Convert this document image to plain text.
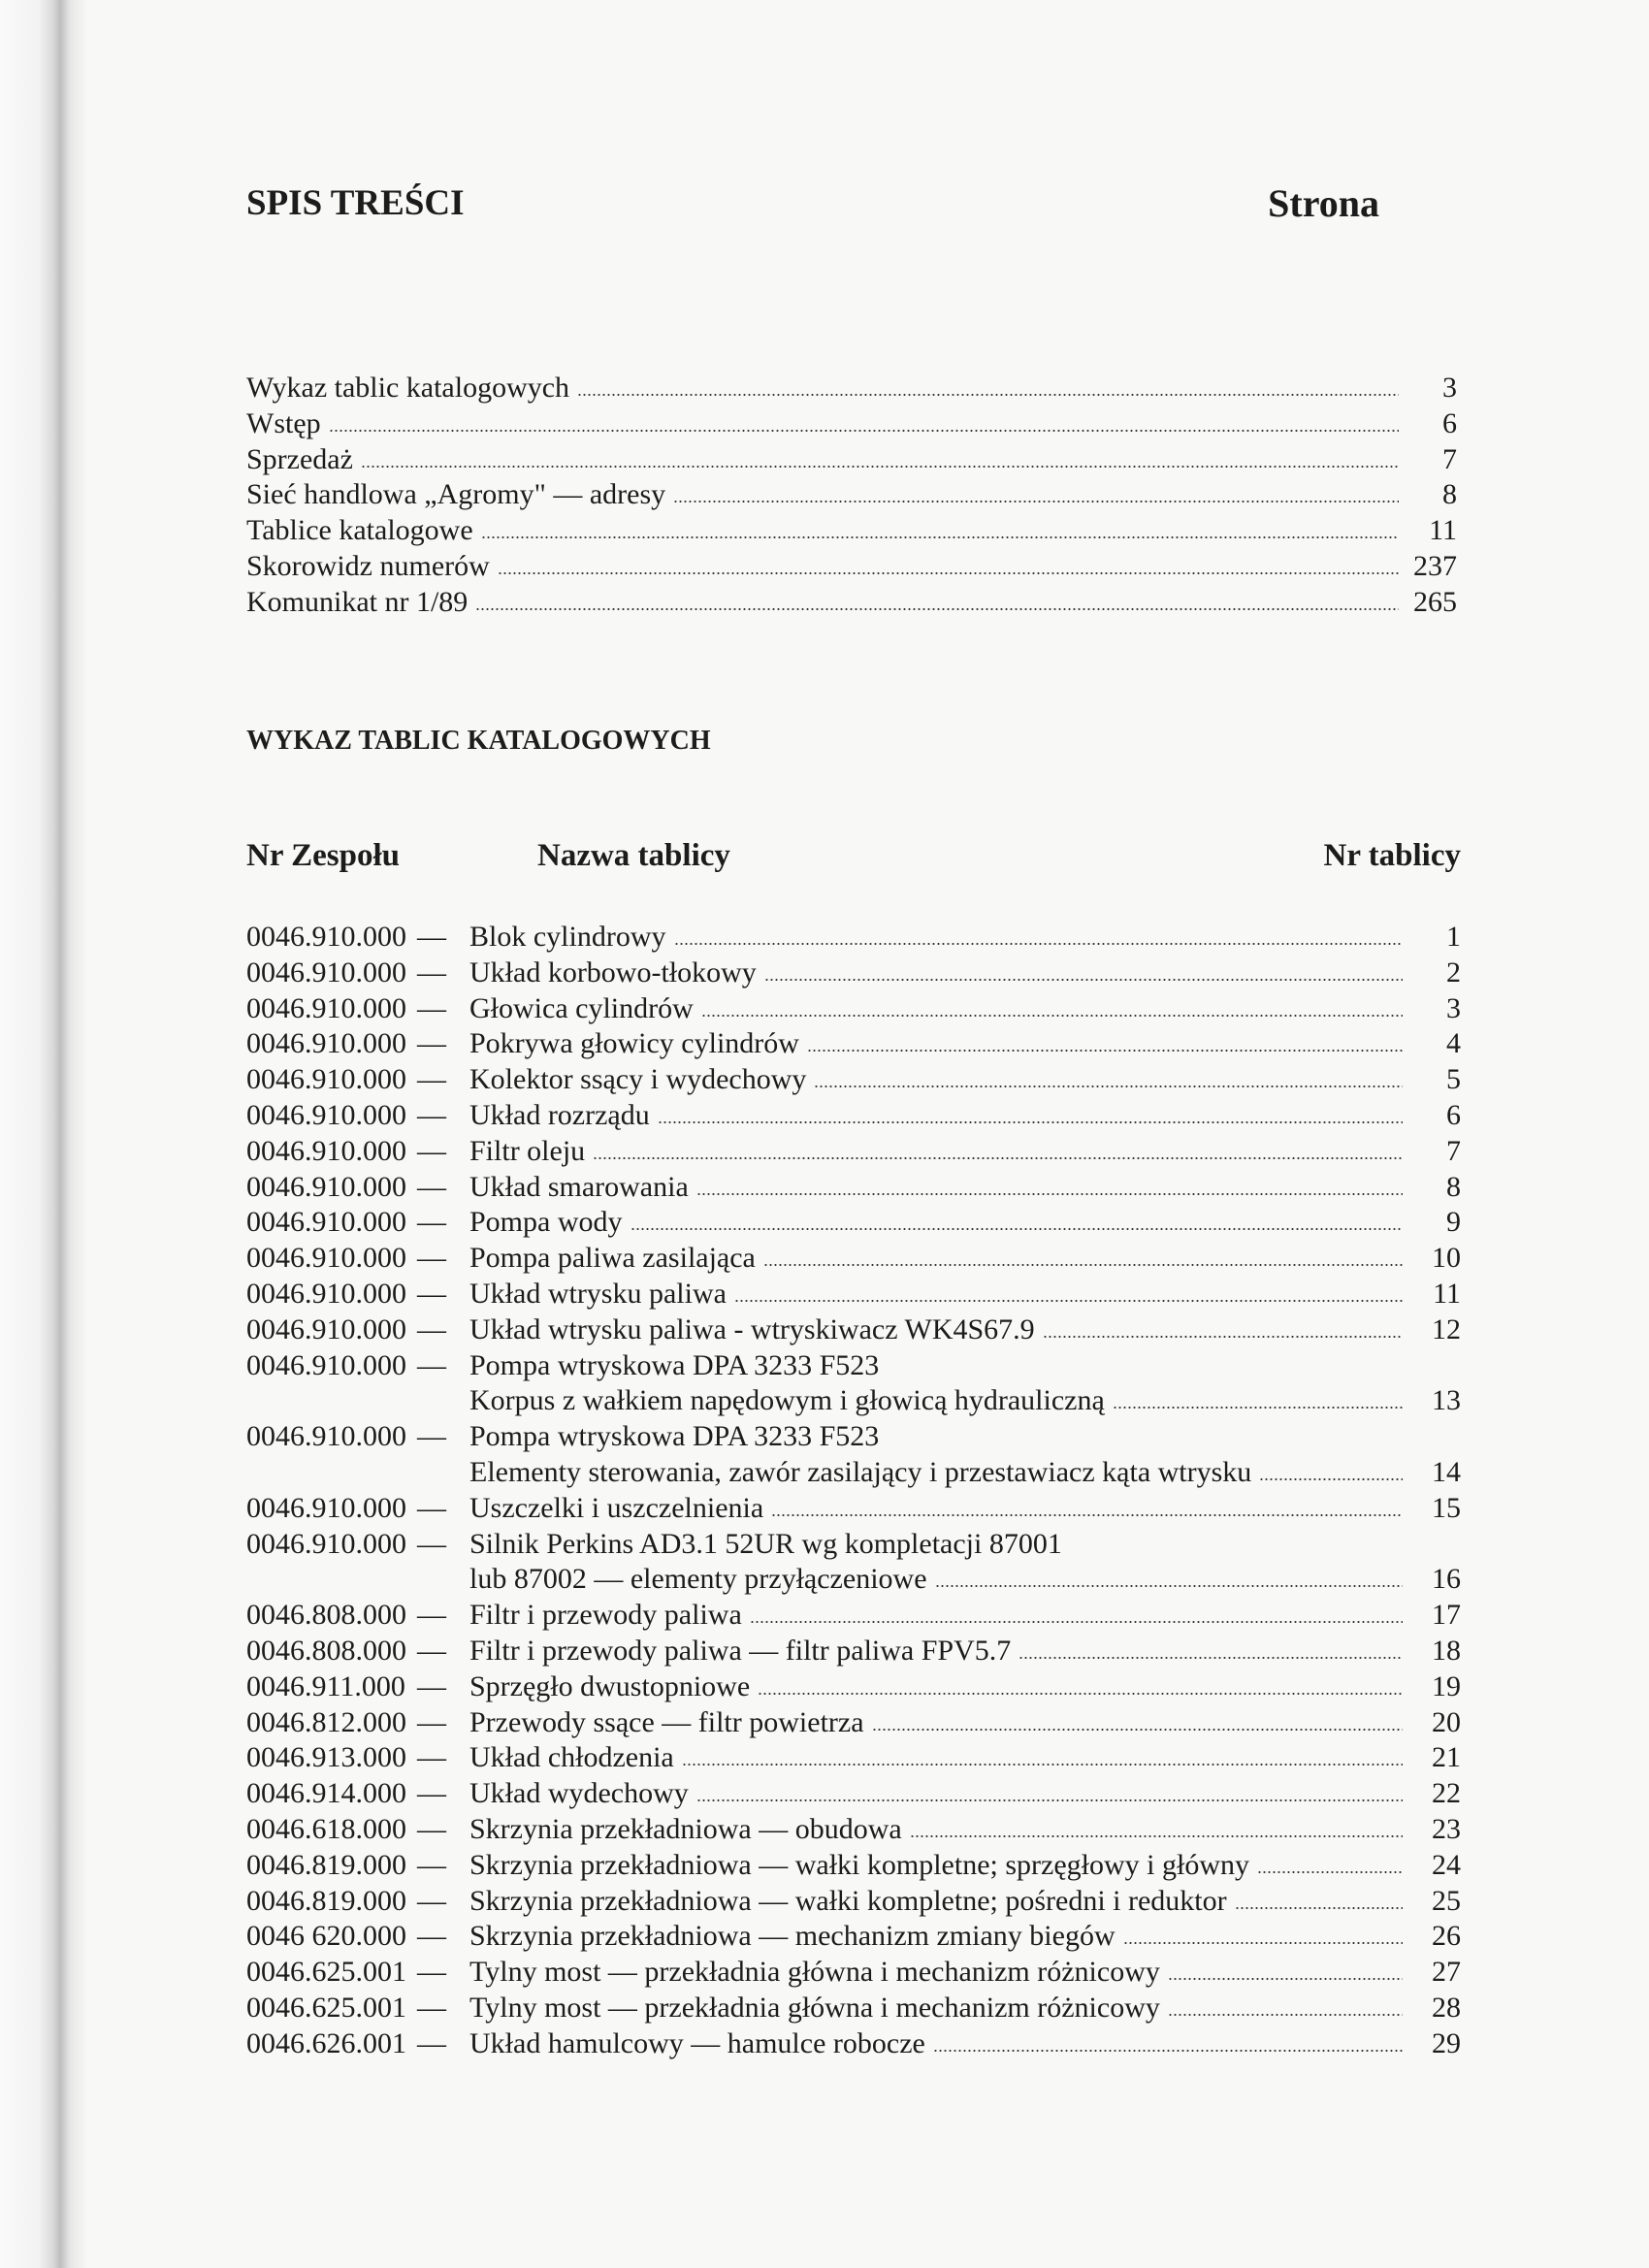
SPIS TREŚCI	Strona
Wykaz tablic katalogowych	3
Wstęp	6
Sprzedaż	7
Sieć handlowa „Agromy" — adresy	8
Tablice katalogowe	11
Skorowidz numerów	237
Komunikat nr 1/89	265
WYKAZ TABLIC KATALOGOWYCH
Nr Zespołu	Nazwa tablicy	Nr tablicy
0046.910.000 — Blok cylindrowy	1
0046.910.000 — Układ korbowo-tłokowy	2
0046.910.000 — Głowica cylindrów	3
0046.910.000 — Pokrywa głowicy cylindrów	4
0046.910.000 — Kolektor ssący i wydechowy	5
0046.910.000 — Układ rozrządu	6
0046.910.000 — Filtr oleju	7
0046.910.000 — Układ smarowania	8
0046.910.000 — Pompa wody	9
0046.910.000 — Pompa paliwa zasilająca	10
0046.910.000 — Układ wtrysku paliwa	11
0046.910.000 — Układ wtrysku paliwa - wtryskiwacz WK4S67.9	12
0046.910.000 — Pompa wtryskowa DPA 3233 F523
Korpus z wałkiem napędowym i głowicą hydrauliczną	13
0046.910.000 — Pompa wtryskowa DPA 3233 F523
Elementy sterowania, zawór zasilający i przestawiacz kąta wtrysku	14
0046.910.000 — Uszczelki i uszczelnienia	15
0046.910.000 — Silnik Perkins AD3.1 52UR wg kompletacji 87001
lub 87002 — elementy przyłączeniowe	16
0046.808.000 — Filtr i przewody paliwa	17
0046.808.000 — Filtr i przewody paliwa — filtr paliwa FPV5.7	18
0046.911.000 — Sprzęgło dwustopniowe	19
0046.812.000 — Przewody ssące — filtr powietrza	20
0046.913.000 — Układ chłodzenia	21
0046.914.000 — Układ wydechowy	22
0046.618.000 — Skrzynia przekładniowa — obudowa	23
0046.819.000 — Skrzynia przekładniowa — wałki kompletne; sprzęgłowy i główny	24
0046.819.000 — Skrzynia przekładniowa — wałki kompletne; pośredni i reduktor	25
0046 620.000 — Skrzynia przekładniowa — mechanizm zmiany biegów	26
0046.625.001 — Tylny most — przekładnia główna i mechanizm różnicowy	27
0046.625.001 — Tylny most — przekładnia główna i mechanizm różnicowy	28
0046.626.001 — Układ hamulcowy — hamulce robocze	29
